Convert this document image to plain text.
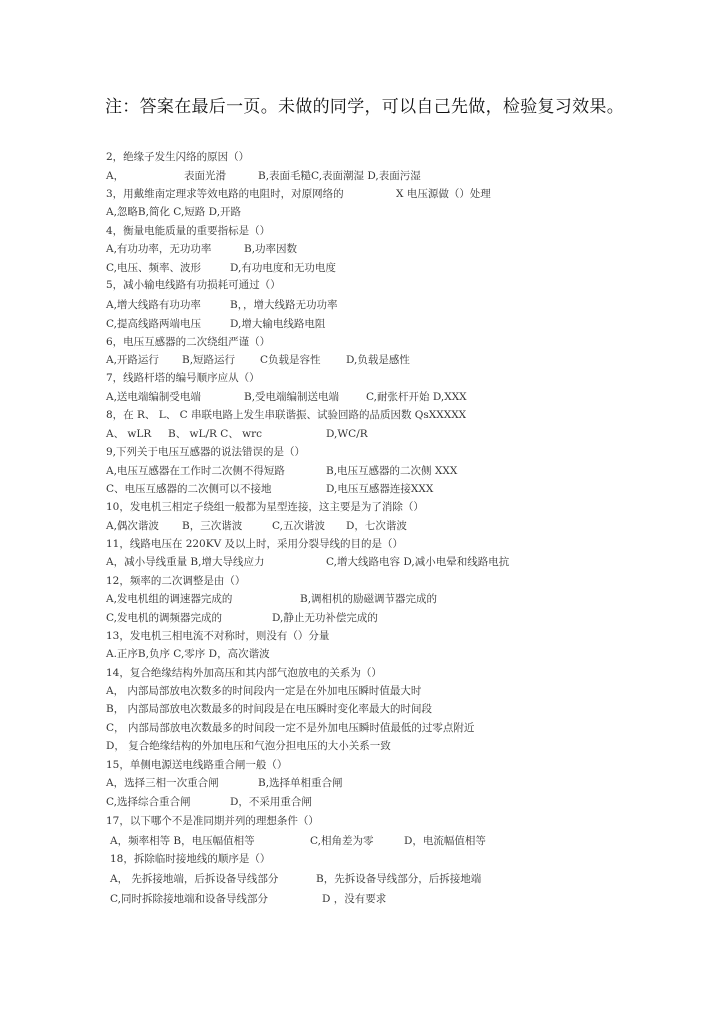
注：答案在最后一页。未做的同学，可以自己先做，检验复习效果。
2，绝缘子发生闪络的原因（）
A，	表面光滑	B,表面毛糙C,表面潮湿 D,表面污湿
3，用戴维南定理求等效电路的电阻时，对原网络的	X 电压源做（）处理
A,忽略B,简化 C,短路 D,开路
4，衡量电能质量的重要指标是（）
A,有功功率，无功功率	B,功率因数
C,电压、频率、波形	D,有功电度和无功电度
5，减小输电线路有功损耗可通过（）
A,增大线路有功功率	B，，增大线路无功功率
C,提高线路两端电压	D,增大输电线路电阻
6，电压互感器的二次绕组严谨（）
A,开路运行 B,短路运行 C负载是容性 D,负载是感性
7，线路杆塔的编号顺序应从（）
A,送电端编制受电端	B,受电端编制送电端	C,耐张杆开始 D,XXX
8，在 R、 L、 C 串联电路上发生串联谐振、试验回路的品质因数 QsXXXXX
A、 wLR B、 wL/R C、 wrc	D,WC/R
9,下列关于电压互感器的说法错误的是（）
A,电压互感器在工作时二次侧不得短路	B,电压互感器的二次侧 XXX
C、电压互感器的二次侧可以不接地	D,电压互感器连接XXX
10，发电机三相定子绕组一般都为星型连接，这主要是为了消除（）
A,偶次谐波 B，三次谐波	C,五次谐波 D，七次谐波
11，线路电压在 220KV 及以上时，采用分裂导线的目的是（）
A，减小导线重量 B,增大导线应力	C,增大线路电容 D,减小电晕和线路电抗
12，频率的二次调整是由（）
A,发电机组的调速器完成的	B,调相机的励磁调节器完成的
C,发电机的调频器完成的	D,静止无功补偿完成的
13，发电机三相电流不对称时，则没有（）分量
A.正序B,负序 C,零序 D，高次谐波
14，复合绝缘结构外加高压和其内部气泡放电的关系为（）
A， 内部局部放电次数多的时间段内一定是在外加电压瞬时值最大时
B， 内部局部放电次数最多的时间段是在电压瞬时变化率最大的时间段
C， 内部局部放电次数最多的时间段一定不是外加电压瞬时值最低的过零点附近
D， 复合绝缘结构的外加电压和气泡分担电压的大小关系一致
15，单侧电源送电线路重合闸一般（）
A，选择三相一次重合闸	B,选择单相重合闸
C,选择综合重合闸	D，不采用重合闸
17，以下哪个不是准同期并列的理想条件（）
A，频率相等 B，电压幅值相等	C,相角差为零	D，电流幅值相等
18，拆除临时接地线的顺序是（）
A， 先拆接地端，后拆设备导线部分	B，先拆设备导线部分，后拆接地端
C,同时拆除接地端和设备导线部分	D ，没有要求
